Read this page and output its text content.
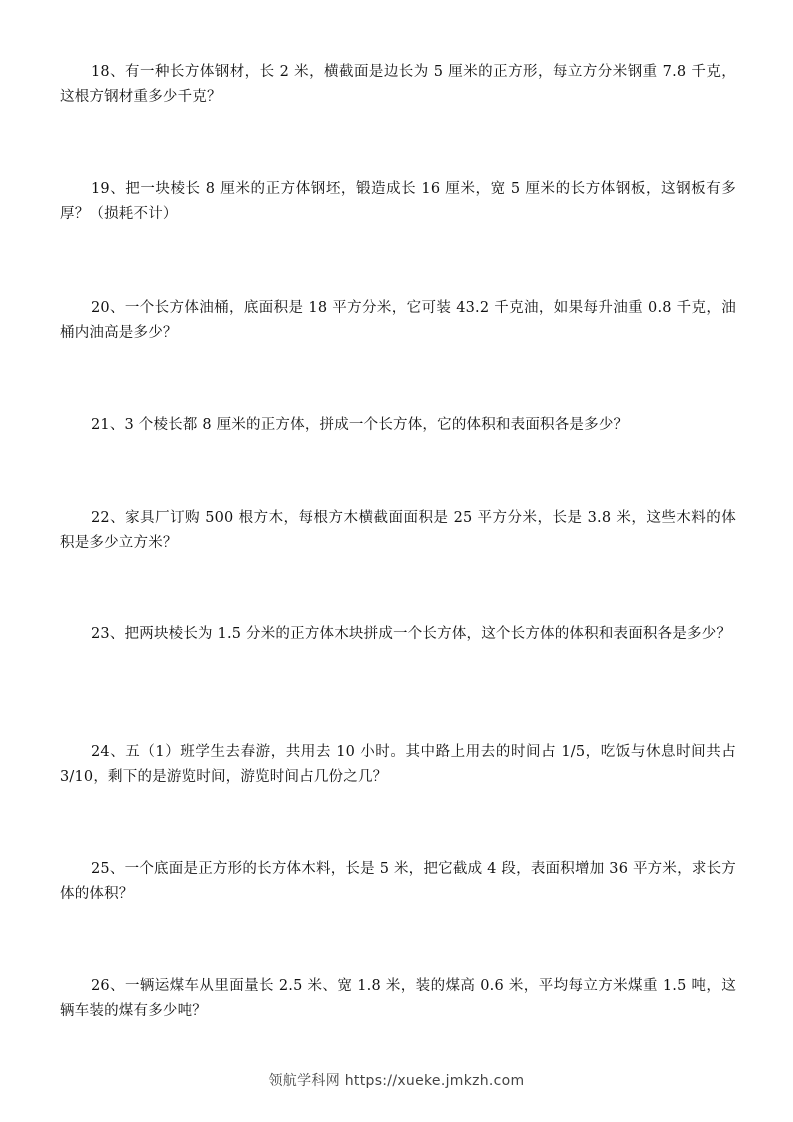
18、有一种长方体钢材，长 2 米，横截面是边长为 5 厘米的正方形，每立方分米钢重 7.8 千克，这根方钢材重多少千克？
19、把一块棱长 8 厘米的正方体钢坯，锻造成长 16 厘米，宽 5 厘米的长方体钢板，这钢板有多厚？（损耗不计）
20、一个长方体油桶，底面积是 18 平方分米，它可装 43.2 千克油，如果每升油重 0.8 千克，油桶内油高是多少？
21、3 个棱长都 8 厘米的正方体，拼成一个长方体，它的体积和表面积各是多少？
22、家具厂订购 500 根方木，每根方木横截面面积是 25 平方分米，长是 3.8 米，这些木料的体积是多少立方米？
23、把两块棱长为 1.5 分米的正方体木块拼成一个长方体，这个长方体的体积和表面积各是多少？
24、五（1）班学生去春游，共用去 10 小时。其中路上用去的时间占 1/5，吃饭与休息时间共占 3/10，剩下的是游览时间，游览时间占几份之几？
25、一个底面是正方形的长方体木料，长是 5 米，把它截成 4 段，表面积增加 36 平方米，求长方体的体积？
26、一辆运煤车从里面量长 2.5 米、宽 1.8 米，装的煤高 0.6 米，平均每立方米煤重 1.5 吨，这辆车装的煤有多少吨？
领航学科网 https://xueke.jmkzh.com
